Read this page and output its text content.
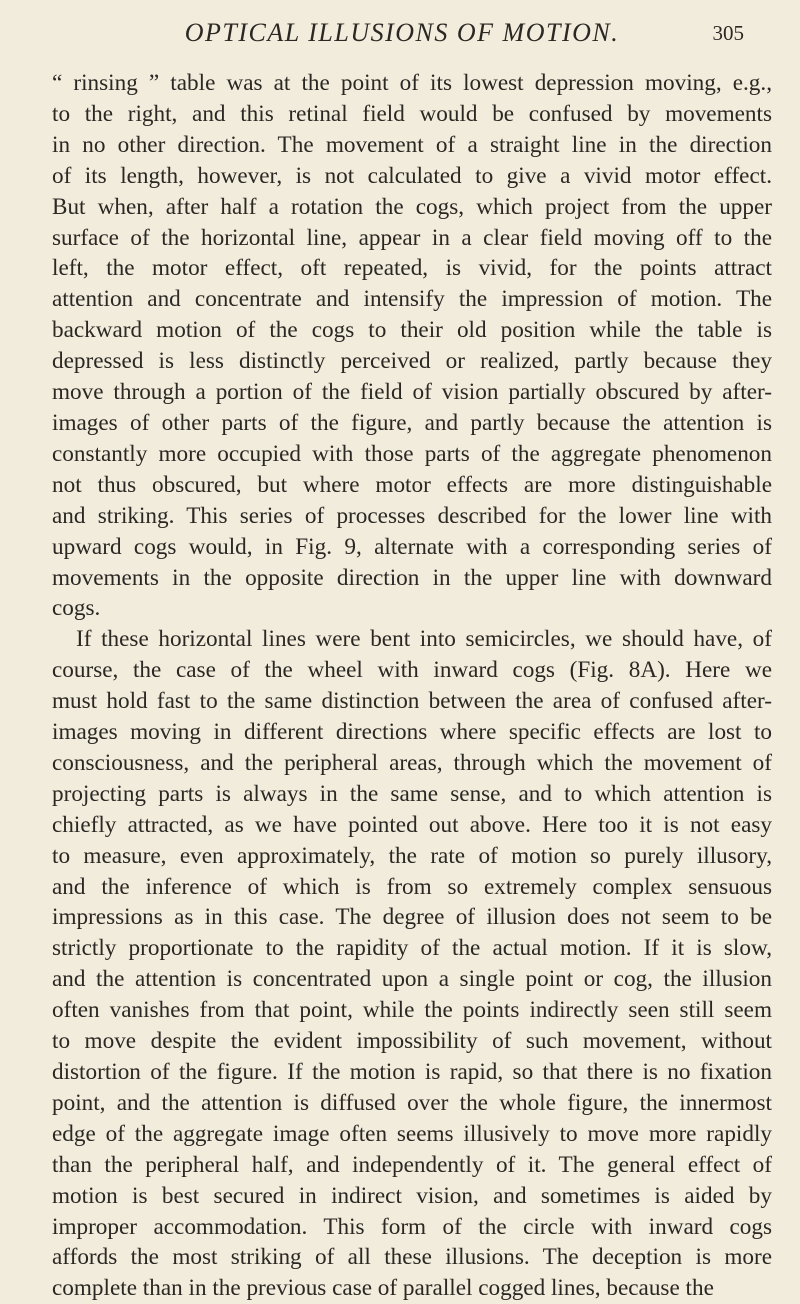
OPTICAL ILLUSIONS OF MOTION.	305
“ rinsing ” table was at the point of its lowest depression moving, e.g.,
to the right, and this retinal field would be confused by movements
in no other direction. The movement of a straight line in the direction
of its length, however, is not calculated to give a vivid motor effect.
But when, after half a rotation the cogs, which project from the upper
surface of the horizontal line, appear in a clear field moving off to the
left, the motor effect, oft repeated, is vivid, for the points attract
attention and concentrate and intensify the impression of motion. The
backward motion of the cogs to their old position while the table is
depressed is less distinctly perceived or realized, partly because they
move through a portion of the field of vision partially obscured by after-
images of other parts of the figure, and partly because the attention is
constantly more occupied with those parts of the aggregate phenomenon
not thus obscured, but where motor effects are more distinguishable
and striking. This series of processes described for the lower line with
upward cogs would, in Fig. 9, alternate with a corresponding series of
movements in the opposite direction in the upper line with downward
cogs.
If these horizontal lines were bent into semicircles, we should have, of
course, the case of the wheel with inward cogs (Fig. 8A). Here we
must hold fast to the same distinction between the area of confused after-
images moving in different directions where specific effects are lost to
consciousness, and the peripheral areas, through which the movement of
projecting parts is always in the same sense, and to which attention is
chiefly attracted, as we have pointed out above. Here too it is not easy
to measure, even approximately, the rate of motion so purely illusory,
and the inference of which is from so extremely complex sensuous
impressions as in this case. The degree of illusion does not seem to be
strictly proportionate to the rapidity of the actual motion. If it is slow,
and the attention is concentrated upon a single point or cog, the illusion
often vanishes from that point, while the points indirectly seen still seem
to move despite the evident impossibility of such movement, without
distortion of the figure. If the motion is rapid, so that there is no fixation
point, and the attention is diffused over the whole figure, the innermost
edge of the aggregate image often seems illusively to move more rapidly
than the peripheral half, and independently of it. The general effect of
motion is best secured in indirect vision, and sometimes is aided by
improper accommodation. This form of the circle with inward cogs
affords the most striking of all these illusions. The deception is more
complete than in the previous case of parallel cogged lines, because the
